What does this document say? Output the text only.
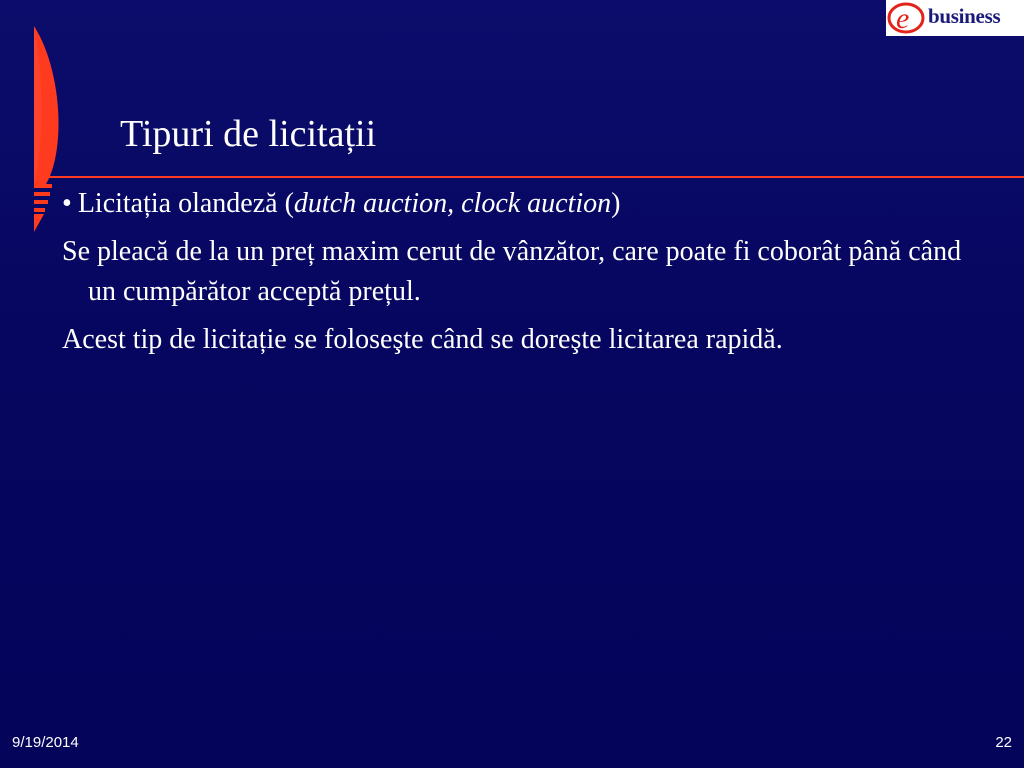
e business
Tipuri de licitații
• Licitația olandeză (dutch auction, clock auction)

Se pleacă de la un preț maxim cerut de vânzător, care poate fi coborât până când un cumpărător acceptă prețul.

Acest tip de licitație se foloseşte când se doreşte licitarea rapidă.

9/19/2014	22
